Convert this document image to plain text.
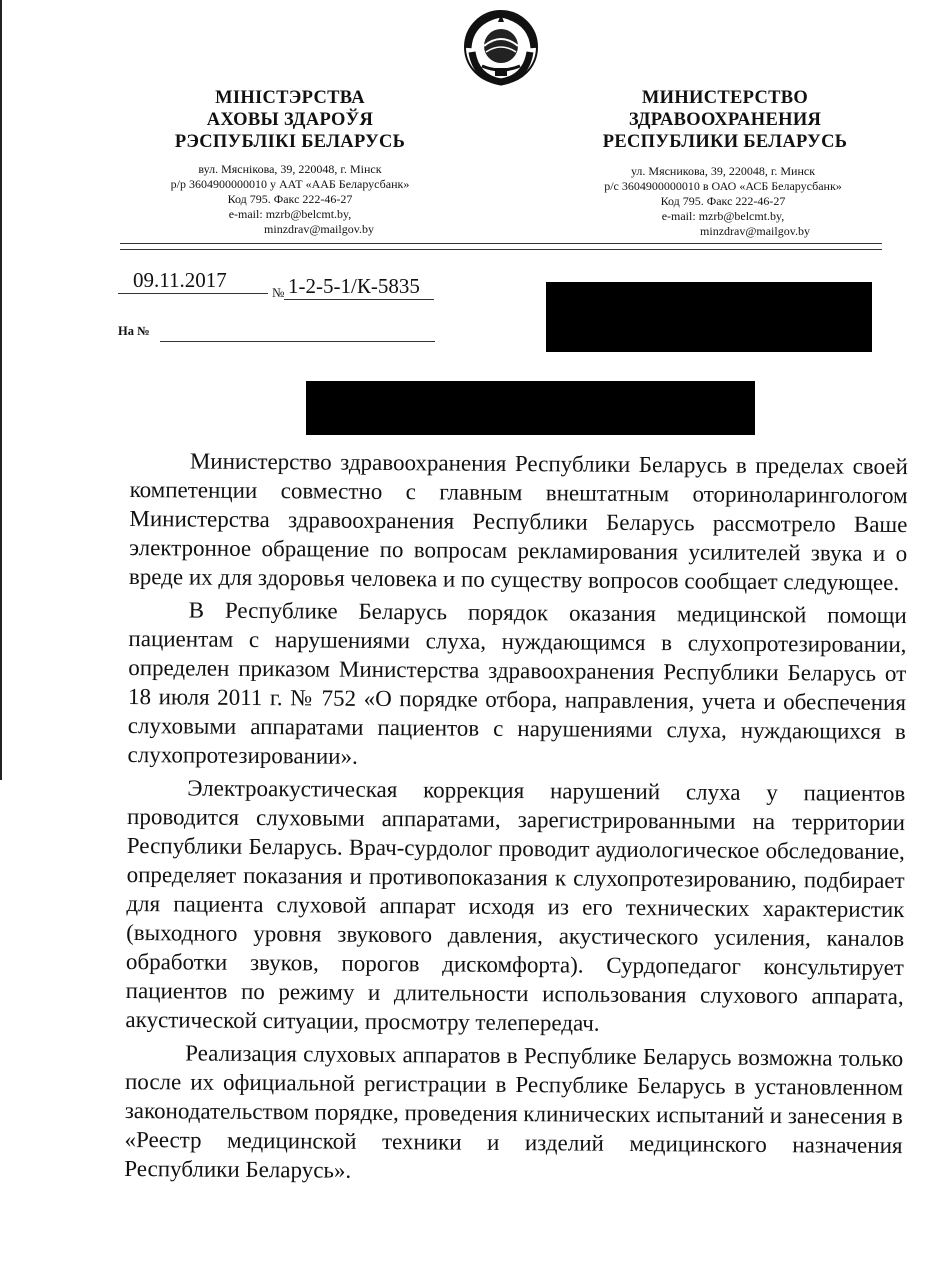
МІНІСТЭРСТВА
АХОВЫ ЗДАРОЎЯ
РЭСПУБЛІКІ БЕЛАРУСЬ
МИНИСТЕРСТВО
ЗДРАВООХРАНЕНИЯ
РЕСПУБЛИКИ БЕЛАРУСЬ
вул. Мяснікова, 39, 220048, г. Мінск
р/р 3604900000010 у ААТ «ААБ Беларусбанк»
Код 795. Факс 222-46-27
e-mail: mzrb@belcmt.by,
minzdrav@mailgov.by
ул. Мясникова, 39, 220048, г. Минск
р/с 3604900000010 в ОАО «АСБ Беларусбанк»
Код 795. Факс 222-46-27
e-mail: mzrb@belcmt.by,
minzdrav@mailgov.by
09.11.2017
№ 1-2-5-1/К-5835
На №

Министерство здравоохранения Республики Беларусь в пределах своей компетенции совместно с главным внештатным оториноларингологом Министерства здравоохранения Республики Беларусь рассмотрело Ваше электронное обращение по вопросам рекламирования усилителей звука и о вреде их для здоровья человека и по существу вопросов сообщает следующее.

В Республике Беларусь порядок оказания медицинской помощи пациентам с нарушениями слуха, нуждающимся в слухопротезировании, определен приказом Министерства здравоохранения Республики Беларусь от 18 июля 2011 г. № 752 «О порядке отбора, направления, учета и обеспечения слуховыми аппаратами пациентов с нарушениями слуха, нуждающихся в слухопротезировании».

Электроакустическая коррекция нарушений слуха у пациентов проводится слуховыми аппаратами, зарегистрированными на территории Республики Беларусь. Врач-сурдолог проводит аудиологическое обследование, определяет показания и противопоказания к слухопротезированию, подбирает для пациента слуховой аппарат исходя из его технических характеристик (выходного уровня звукового давления, акустического усиления, каналов обработки звуков, порогов дискомфорта). Сурдопедагог консультирует пациентов по режиму и длительности использования слухового аппарата, акустической ситуации, просмотру телепередач.

Реализация слуховых аппаратов в Республике Беларусь возможна только после их официальной регистрации в Республике Беларусь в установленном законодательством порядке, проведения клинических испытаний и занесения в «Реестр медицинской техники и изделий медицинского назначения Республики Беларусь».
